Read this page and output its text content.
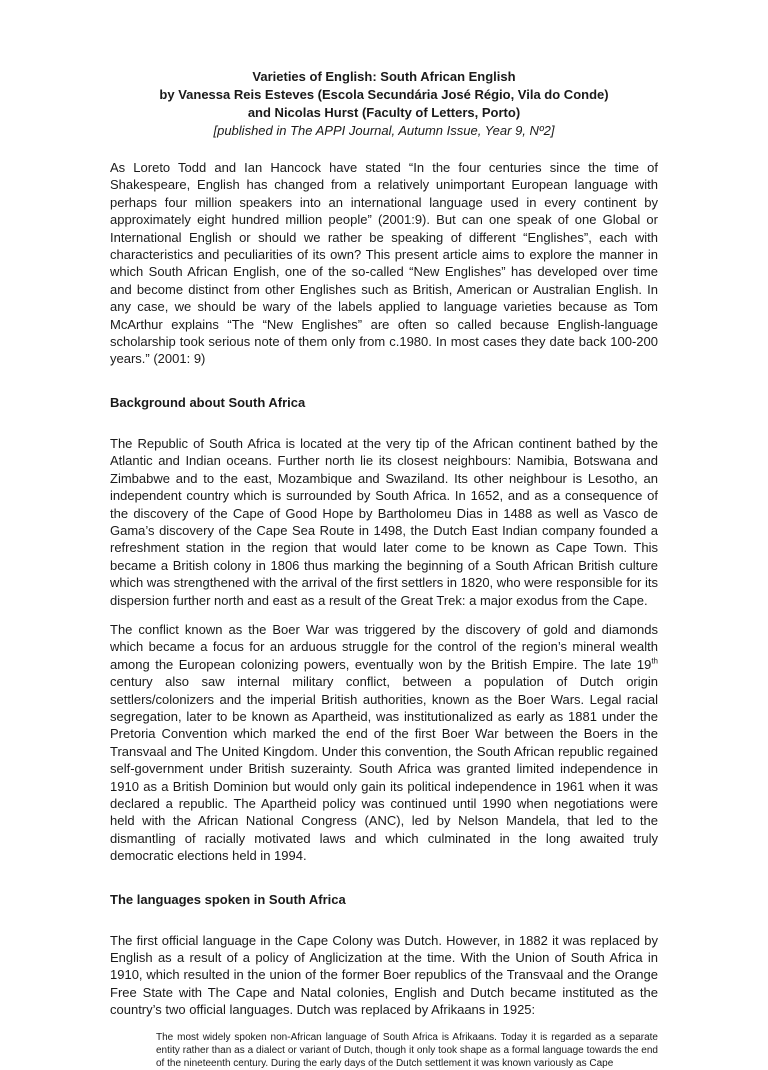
Varieties of English: South African English
by Vanessa Reis Esteves (Escola Secundária José Régio, Vila do Conde)
and Nicolas Hurst (Faculty of Letters, Porto)
[published in The APPI Journal, Autumn Issue, Year 9, Nº2]

As Loreto Todd and Ian Hancock have stated “In the four centuries since the time of Shakespeare, English has changed from a relatively unimportant European language with perhaps four million speakers into an international language used in every continent by approximately eight hundred million people” (2001:9). But can one speak of one Global or International English or should we rather be speaking of different “Englishes”, each with characteristics and peculiarities of its own? This present article aims to explore the manner in which South African English, one of the so-called “New Englishes” has developed over time and become distinct from other Englishes such as British, American or Australian English. In any case, we should be wary of the labels applied to language varieties because as Tom McArthur explains “The “New Englishes” are often so called because English-language scholarship took serious note of them only from c.1980. In most cases they date back 100-200 years.” (2001: 9)

Background about South Africa

The Republic of South Africa is located at the very tip of the African continent bathed by the Atlantic and Indian oceans. Further north lie its closest neighbours: Namibia, Botswana and Zimbabwe and to the east, Mozambique and Swaziland. Its other neighbour is Lesotho, an independent country which is surrounded by South Africa. In 1652, and as a consequence of the discovery of the Cape of Good Hope by Bartholomeu Dias in 1488 as well as Vasco de Gama’s discovery of the Cape Sea Route in 1498, the Dutch East Indian company founded a refreshment station in the region that would later come to be known as Cape Town. This became a British colony in 1806 thus marking the beginning of a South African British culture which was strengthened with the arrival of the first settlers in 1820, who were responsible for its dispersion further north and east as a result of the Great Trek: a major exodus from the Cape.

The conflict known as the Boer War was triggered by the discovery of gold and diamonds which became a focus for an arduous struggle for the control of the region’s mineral wealth among the European colonizing powers, eventually won by the British Empire. The late 19th century also saw internal military conflict, between a population of Dutch origin settlers/colonizers and the imperial British authorities, known as the Boer Wars. Legal racial segregation, later to be known as Apartheid, was institutionalized as early as 1881 under the Pretoria Convention which marked the end of the first Boer War between the Boers in the Transvaal and The United Kingdom. Under this convention, the South African republic regained self-government under British suzerainty. South Africa was granted limited independence in 1910 as a British Dominion but would only gain its political independence in 1961 when it was declared a republic. The Apartheid policy was continued until 1990 when negotiations were held with the African National Congress (ANC), led by Nelson Mandela, that led to the dismantling of racially motivated laws and which culminated in the long awaited truly democratic elections held in 1994.

The languages spoken in South Africa

The first official language in the Cape Colony was Dutch. However, in 1882 it was replaced by English as a result of a policy of Anglicization at the time. With the Union of South Africa in 1910, which resulted in the union of the former Boer republics of the Transvaal and the Orange Free State with The Cape and Natal colonies, English and Dutch became instituted as the country’s two official languages. Dutch was replaced by Afrikaans in 1925:

The most widely spoken non-African language of South Africa is Afrikaans. Today it is regarded as a separate entity rather than as a dialect or variant of Dutch, though it only took shape as a formal language towards the end of the nineteenth century. During the early days of the Dutch settlement it was known variously as Cape
